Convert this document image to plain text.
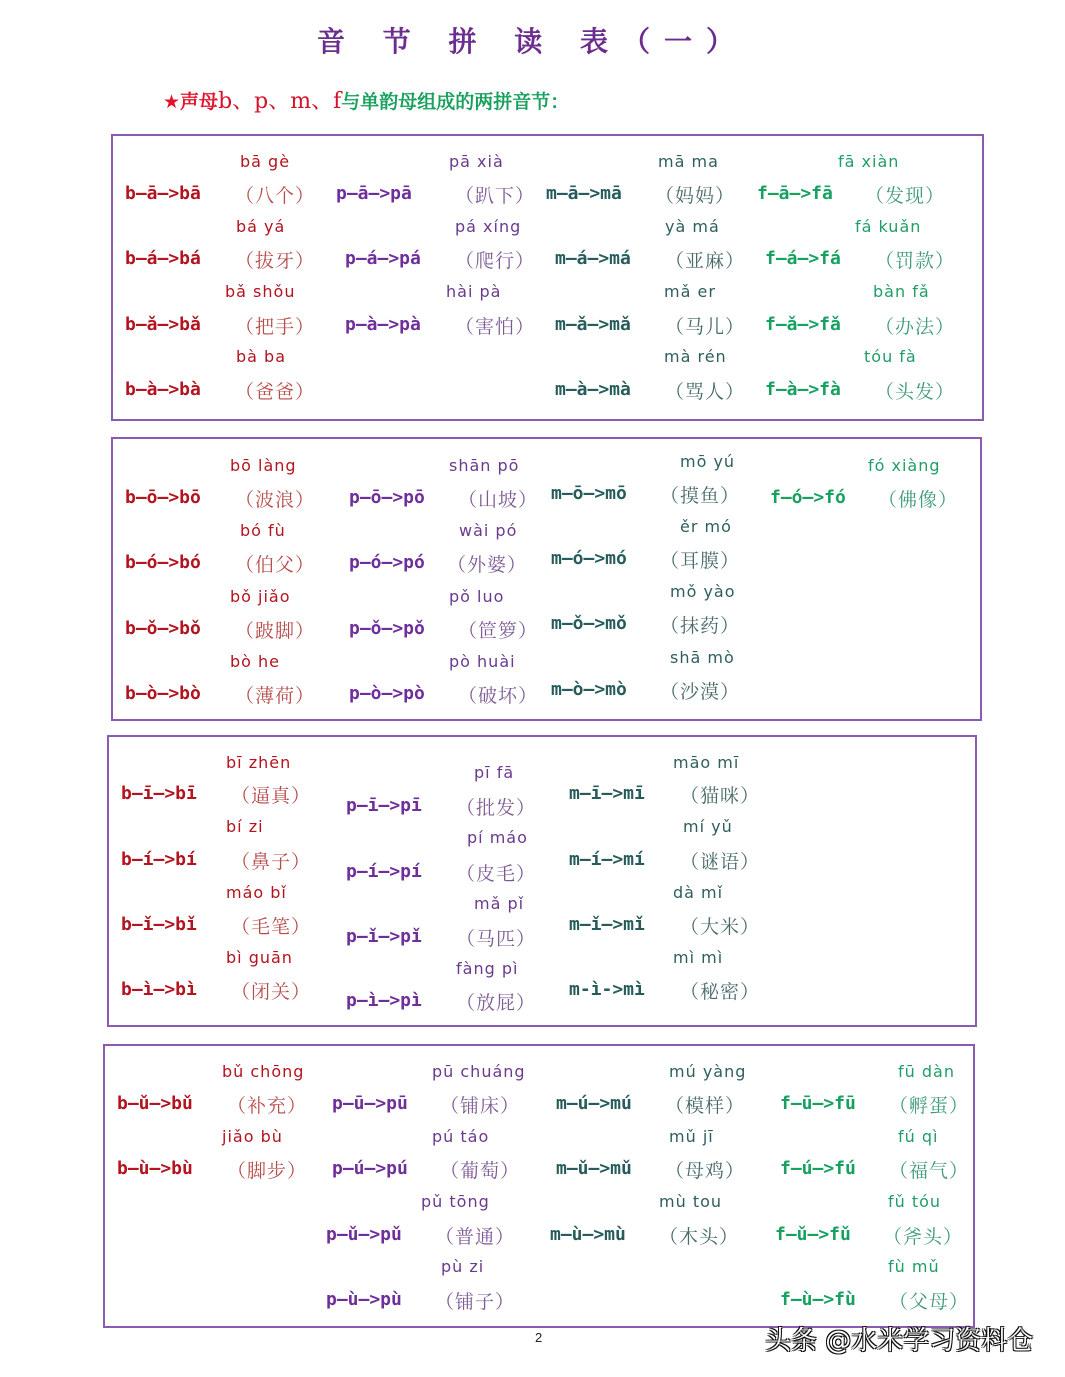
音 节 拼 读 表（一）
★声母b、p、m、f与单韵母组成的两拼音节：
bā gè
b—ā—>bā （八个）
bá yá
b—á—>bá （拔牙）
bǎ shǒu
b—ǎ—>bǎ （把手）
bà ba
b—à—>bà （爸爸）
pā xià
p—ā—>pā （趴下）
pá xíng
p—á—>pá （爬行）
hài pà
p—à—>pà （害怕）
mā ma
m—ā—>mā （妈妈）
yà má
m—á—>má （亚麻）
mǎ er
m—ǎ—>mǎ （马儿）
mà rén
m—à—>mà （骂人）
fā xiàn
f—ā—>fā （发现）
fá kuǎn
f—á—>fá （罚款）
bàn fǎ
f—ǎ—>fǎ （办法）
tóu fà
f—à—>fà （头发）
bō làng
b—ō—>bō （波浪）
bó fù
b—ó—>bó （伯父）
bǒ jiǎo
b—ǒ—>bǒ （跛脚）
bò he
b—ò—>bò （薄荷）
shān pō
p—ō—>pō （山坡）
wài pó
p—ó—>pó （外婆）
pǒ luo
p—ǒ—>pǒ （笸箩）
pò huài
p—ò—>pò （破坏）
mō yú
m—ō—>mō （摸鱼）
ěr mó
m—ó—>mó （耳膜）
mǒ yào
m—ǒ—>mǒ （抹药）
shā mò
m—ò—>mò （沙漠）
fó xiàng
f—ó—>fó （佛像）
bī zhēn
b—ī—>bī （逼真）
bí zi
b—í—>bí （鼻子）
máo bǐ
b—ǐ—>bǐ （毛笔）
bì guān
b—ì—>bì （闭关）
pī fā
p—ī—>pī （批发）
pí máo
p—í—>pí （皮毛）
mǎ pǐ
p—ǐ—>pǐ （马匹）
fàng pì
p—ì—>pì （放屁）
māo mī
m—ī—>mī （猫咪）
mí yǔ
m—í—>mí （谜语）
dà mǐ
m—ǐ—>mǐ （大米）
mì mì
m-ì->mì （秘密）
bǔ chōng
b—ǔ—>bǔ （补充）
jiǎo bù
b—ù—>bù （脚步）
pū chuáng
p—ū—>pū （铺床）
pú táo
p—ú—>pú （葡萄）
pǔ tōng
p—ǔ—>pǔ （普通）
pù zi
p—ù—>pù （铺子）
mú yàng
m—ú—>mú （模样）
mǔ jī
m—ǔ—>mǔ （母鸡）
mù tou
m—ù—>mù （木头）
fū dàn
f—ū—>fū （孵蛋）
fú qì
f—ú—>fú （福气）
fǔ tóu
f—ǔ—>fǔ （斧头）
fù mǔ
f—ù—>fù （父母）
2	头条 @水米学习资料仓
